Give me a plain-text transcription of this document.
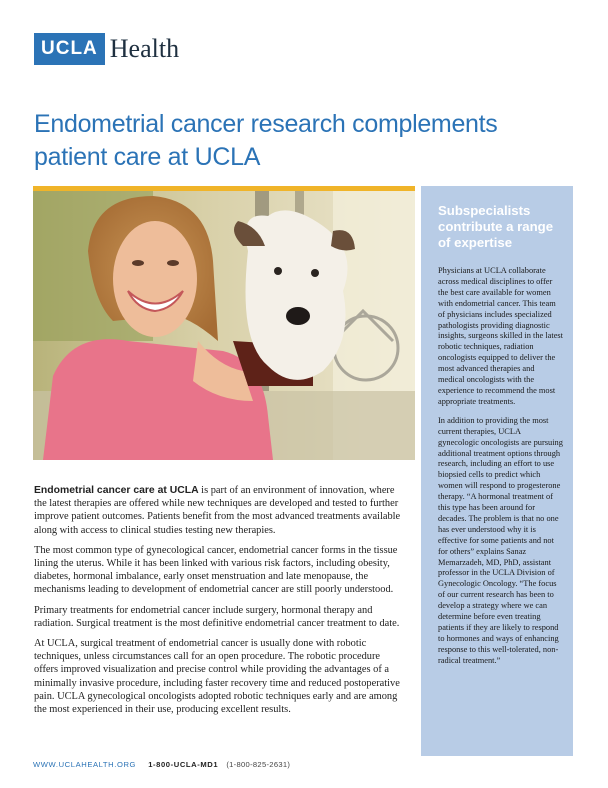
UCLA Health
Endometrial cancer research complements patient care at UCLA

Endometrial cancer care at UCLA is part of an environment of innovation, where the latest therapies are offered while new techniques are developed and tested to further improve patient outcomes. Patients benefit from the most advanced treatments available along with access to clinical studies testing new therapies.

The most common type of gynecological cancer, endometrial cancer forms in the tissue lining the uterus. While it has been linked with various risk factors, including obesity, diabetes, hormonal imbalance, early onset menstruation and late menopause, the mechanisms leading to development of endometrial cancer are still poorly understood.

Primary treatments for endometrial cancer include surgery, hormonal therapy and radiation. Surgical treatment is the most definitive endometrial cancer treatment to date.

At UCLA, surgical treatment of endometrial cancer is usually done with robotic techniques, unless circumstances call for an open procedure. The robotic procedure offers improved visualization and precise control while providing the advantages of a minimally invasive procedure, including faster recovery time and reduced postoperative pain. UCLA gynecological oncologists adopted robotic techniques early and are among the most experienced in their use, producing excellent results.

Subspecialists contribute a range of expertise

Physicians at UCLA collaborate across medical disciplines to offer the best care available for women with endometrial cancer. This team of physicians includes specialized pathologists providing diagnostic insights, surgeons skilled in the latest robotic techniques, radiation oncologists equipped to deliver the most advanced therapies and medical oncologists with the experience to recommend the most appropriate treatments.

In addition to providing the most current therapies, UCLA gynecologic oncologists are pursuing additional treatment options through research, including an effort to use biopsied cells to predict which women will respond to progesterone therapy. “A hormonal treatment of this type has been around for decades. The problem is that no one has ever understood why it is effective for some patients and not for others” explains Sanaz Memarzadeh, MD, PhD, assistant professor in the UCLA Division of Gynecologic Oncology. “The focus of our current research has been to develop a strategy where we can determine before even treating patients if they are likely to respond to hormones and ways of enhancing response to this well-tolerated, non-radical treatment.”

WWW.UCLAHEALTH.ORG 1-800-UCLA-MD1 (1-800-825-2631)
